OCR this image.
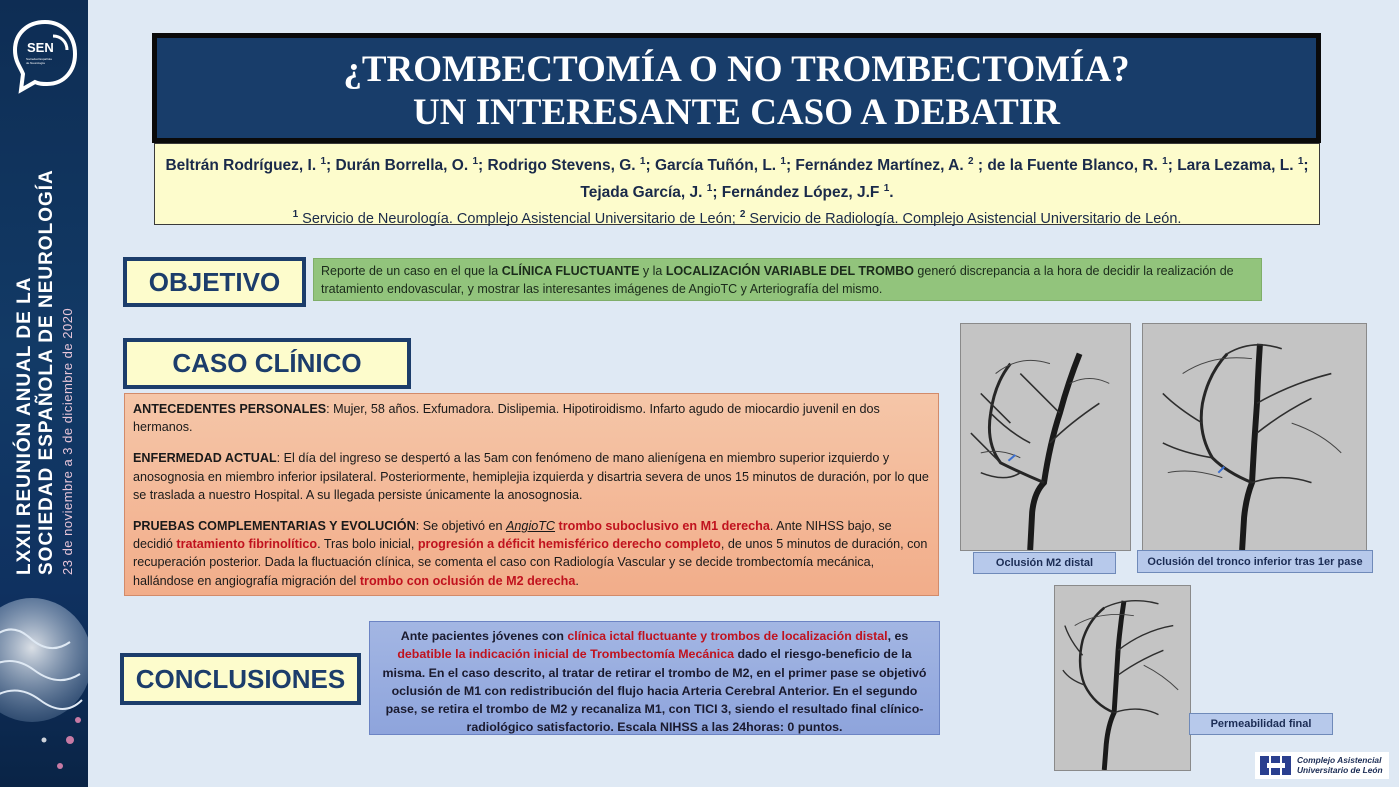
SEN
Sociedad Española de Neurología
LXXII REUNIÓN ANUAL DE LA SOCIEDAD ESPAÑOLA DE NEUROLOGÍA 23 de noviembre a 3 de diciembre de 2020
¿TROMBECTOMÍA O NO TROMBECTOMÍA?
UN INTERESANTE CASO A DEBATIR
Beltrán Rodríguez, I. $^1$; Durán Borrella, O. $^1$; Rodrigo Stevens, G. $^1$; García Tuñón, L. $^1$; Fernández Martínez, A. $^2$ ; de la Fuente Blanco, R. $^1$; Lara Lezama, L. $^1$; Tejada García, J. $^1$; Fernández López, J.F $^1$.
$^1$ Servicio de Neurología. Complejo Asistencial Universitario de León; $^2$ Servicio de Radiología. Complejo Asistencial Universitario de León.
OBJETIVO	Reporte de un caso en el que la CLÍNICA FLUCTUANTE y la LOCALIZACIÓN VARIABLE DEL TROMBO generó discrepancia a la hora de decidir la realización de tratamiento endovascular, y mostrar las interesantes imágenes de AngioTC y Arteriografía del mismo.
CASO CLÍNICO

ANTECEDENTES PERSONALES: Mujer, 58 años. Exfumadora. Dislipemia. Hipotiroidismo. Infarto agudo de miocardio juvenil en dos hermanos.

ENFERMEDAD ACTUAL: El día del ingreso se despertó a las 5am con fenómeno de mano alienígena en miembro superior izquierdo y anosognosia en miembro inferior ipsilateral. Posteriormente, hemiplejia izquierda y disartria severa de unos 15 minutos de duración, por lo que se traslada a nuestro Hospital. A su llegada persiste únicamente la anosognosia.

PRUEBAS COMPLEMENTARIAS Y EVOLUCIÓN: Se objetivó en AngioTC trombo suboclusivo en M1 derecha. Ante NIHSS bajo, se decidió tratamiento fibrinolítico. Tras bolo inicial, progresión a déficit hemisférico derecho completo, de unos 5 minutos de duración, con recuperación posterior. Dada la fluctuación clínica, se comenta el caso con Radiología Vascular y se decide trombectomía mecánica, hallándose en angiografía migración del trombo con oclusión de M2 derecha.

CONCLUSIONES
Ante pacientes jóvenes con clínica ictal fluctuante y trombos de localización distal, es debatible la indicación inicial de Trombectomía Mecánica dado el riesgo-beneficio de la misma. En el caso descrito, al tratar de retirar el trombo de M2, en el primer pase se objetivó oclusión de M1 con redistribución del flujo hacia Arteria Cerebral Anterior. En el segundo pase, se retira el trombo de M2 y recanaliza M1, con TICI 3, siendo el resultado final clínico-radiológico satisfactorio. Escala NIHSS a las 24horas: 0 puntos.
Oclusión M2 distal	Oclusión del tronco inferior tras 1er pase
Permeabilidad final
Complejo Asistencial
Universitario de León
